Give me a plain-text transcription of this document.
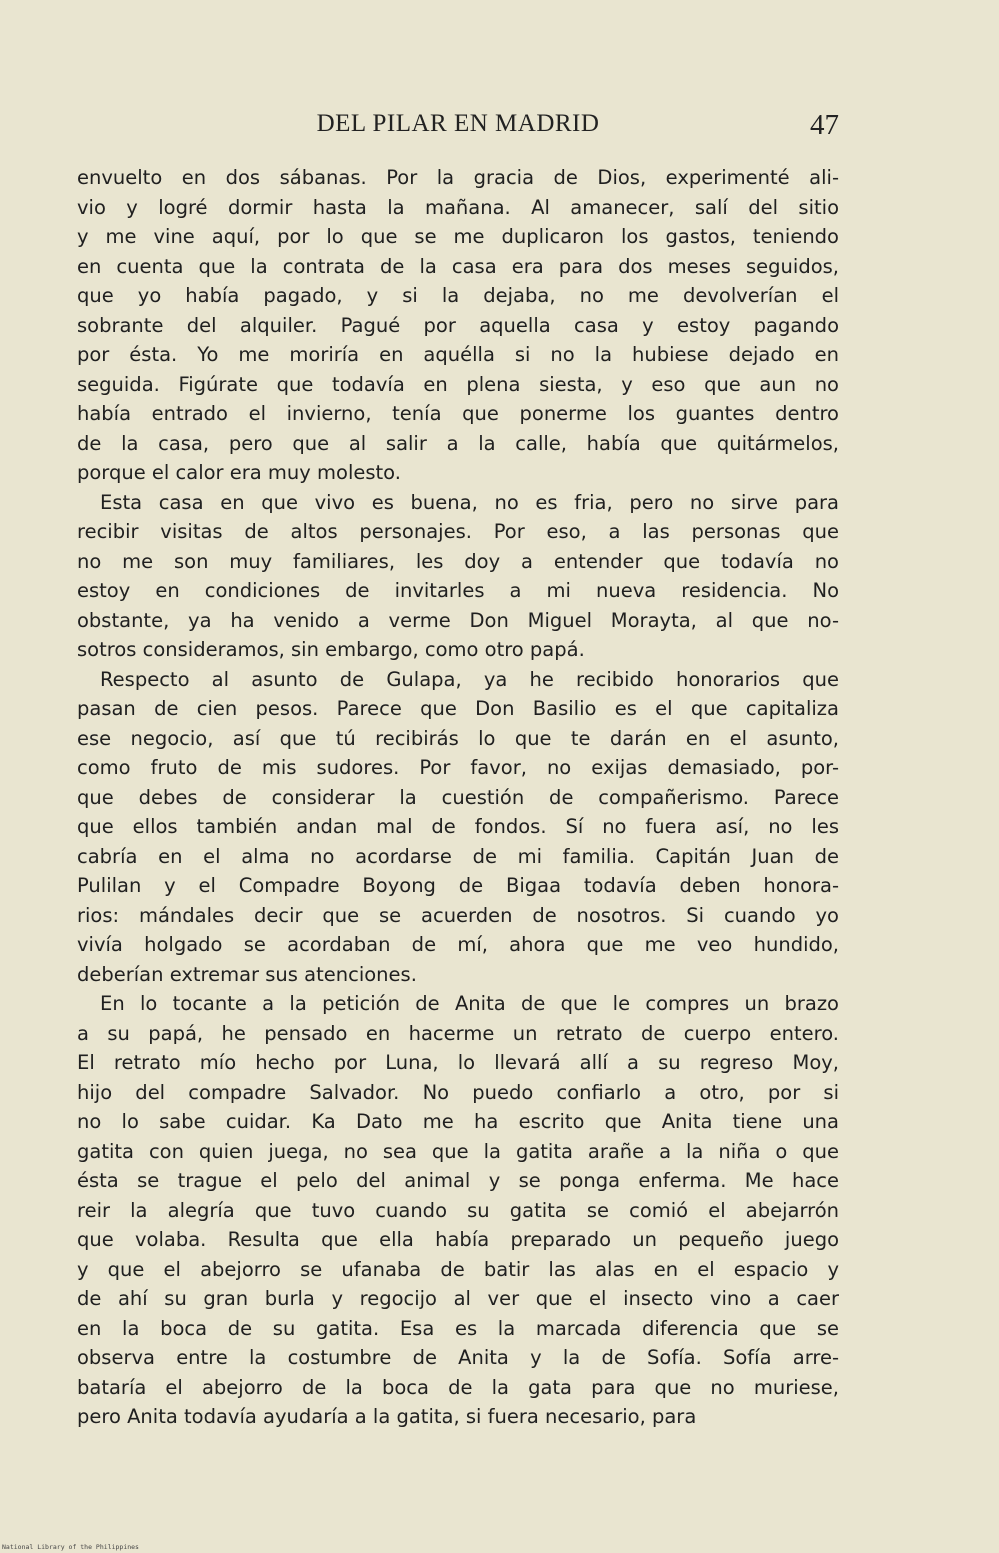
DEL PILAR EN MADRID	47
envuelto en dos sábanas. Por la gracia de Dios, experimenté ali-
vio y logré dormir hasta la mañana. Al amanecer, salí del sitio
y me vine aquí, por lo que se me duplicaron los gastos, teniendo
en cuenta que la contrata de la casa era para dos meses seguidos,
que yo había pagado, y si la dejaba, no me devolverían el
sobrante del alquiler. Pagué por aquella casa y estoy pagando
por ésta. Yo me moriría en aquélla si no la hubiese dejado en
seguida. Figúrate que todavía en plena siesta, y eso que aun no
había entrado el invierno, tenía que ponerme los guantes dentro
de la casa, pero que al salir a la calle, había que quitármelos,
porque el calor era muy molesto.
Esta casa en que vivo es buena, no es fria, pero no sirve para
recibir visitas de altos personajes. Por eso, a las personas que
no me son muy familiares, les doy a entender que todavía no
estoy en condiciones de invitarles a mi nueva residencia. No
obstante, ya ha venido a verme Don Miguel Morayta, al que no-
sotros consideramos, sin embargo, como otro papá.
Respecto al asunto de Gulapa, ya he recibido honorarios que
pasan de cien pesos. Parece que Don Basilio es el que capitaliza
ese negocio, así que tú recibirás lo que te darán en el asunto,
como fruto de mis sudores. Por favor, no exijas demasiado, por-
que debes de considerar la cuestión de compañerismo. Parece
que ellos también andan mal de fondos. Sí no fuera así, no les
cabría en el alma no acordarse de mi familia. Capitán Juan de
Pulilan y el Compadre Boyong de Bigaa todavía deben honora-
rios: mándales decir que se acuerden de nosotros. Si cuando yo
vivía holgado se acordaban de mí, ahora que me veo hundido,
deberían extremar sus atenciones.
En lo tocante a la petición de Anita de que le compres un brazo
a su papá, he pensado en hacerme un retrato de cuerpo entero.
El retrato mío hecho por Luna, lo llevará allí a su regreso Moy,
hijo del compadre Salvador. No puedo confiarlo a otro, por si
no lo sabe cuidar. Ka Dato me ha escrito que Anita tiene una
gatita con quien juega, no sea que la gatita arañe a la niña o que
ésta se trague el pelo del animal y se ponga enferma. Me hace
reir la alegría que tuvo cuando su gatita se comió el abejarrón
que volaba. Resulta que ella había preparado un pequeño juego
y que el abejorro se ufanaba de batir las alas en el espacio y
de ahí su gran burla y regocijo al ver que el insecto vino a caer
en la boca de su gatita. Esa es la marcada diferencia que se
observa entre la costumbre de Anita y la de Sofía. Sofía arre-
bataría el abejorro de la boca de la gata para que no muriese,
pero Anita todavía ayudaría a la gatita, si fuera necesario, para
National Library of the Philippines
